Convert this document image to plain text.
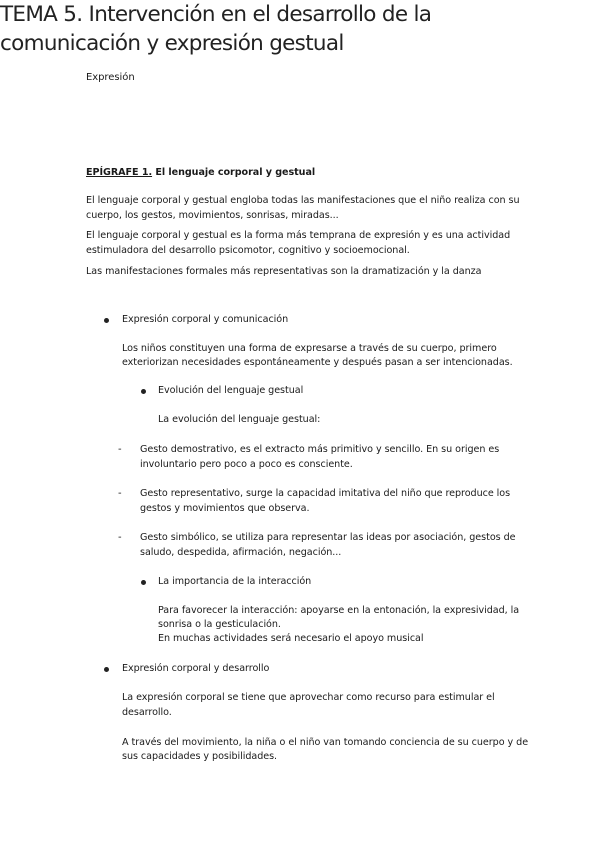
Expresión
TEMA 5. Intervención en el desarrollo de la
comunicación y expresión gestual
EPÍGRAFE 1. El lenguaje corporal y gestual
El lenguaje corporal y gestual engloba todas las manifestaciones que el niño realiza con su
cuerpo, los gestos, movimientos, sonrisas, miradas...
El lenguaje corporal y gestual es la forma más temprana de expresión y es una actividad
estimuladora del desarrollo psicomotor, cognitivo y socioemocional.
Las manifestaciones formales más representativas son la dramatización y la danza
Expresión corporal y comunicación
Los niños constituyen una forma de expresarse a través de su cuerpo, primero
exteriorizan necesidades espontáneamente y después pasan a ser intencionadas.
Evolución del lenguaje gestual
La evolución del lenguaje gestual:
- Gesto demostrativo, es el extracto más primitivo y sencillo. En su origen es
involuntario pero poco a poco es consciente.
- Gesto representativo, surge la capacidad imitativa del niño que reproduce los
gestos y movimientos que observa.
- Gesto simbólico, se utiliza para representar las ideas por asociación, gestos de
saludo, despedida, afirmación, negación...
La importancia de la interacción
Para favorecer la interacción: apoyarse en la entonación, la expresividad, la
sonrisa o la gesticulación.
En muchas actividades será necesario el apoyo musical
Expresión corporal y desarrollo
La expresión corporal se tiene que aprovechar como recurso para estimular el
desarrollo.
A través del movimiento, la niña o el niño van tomando conciencia de su cuerpo y de
sus capacidades y posibilidades.
